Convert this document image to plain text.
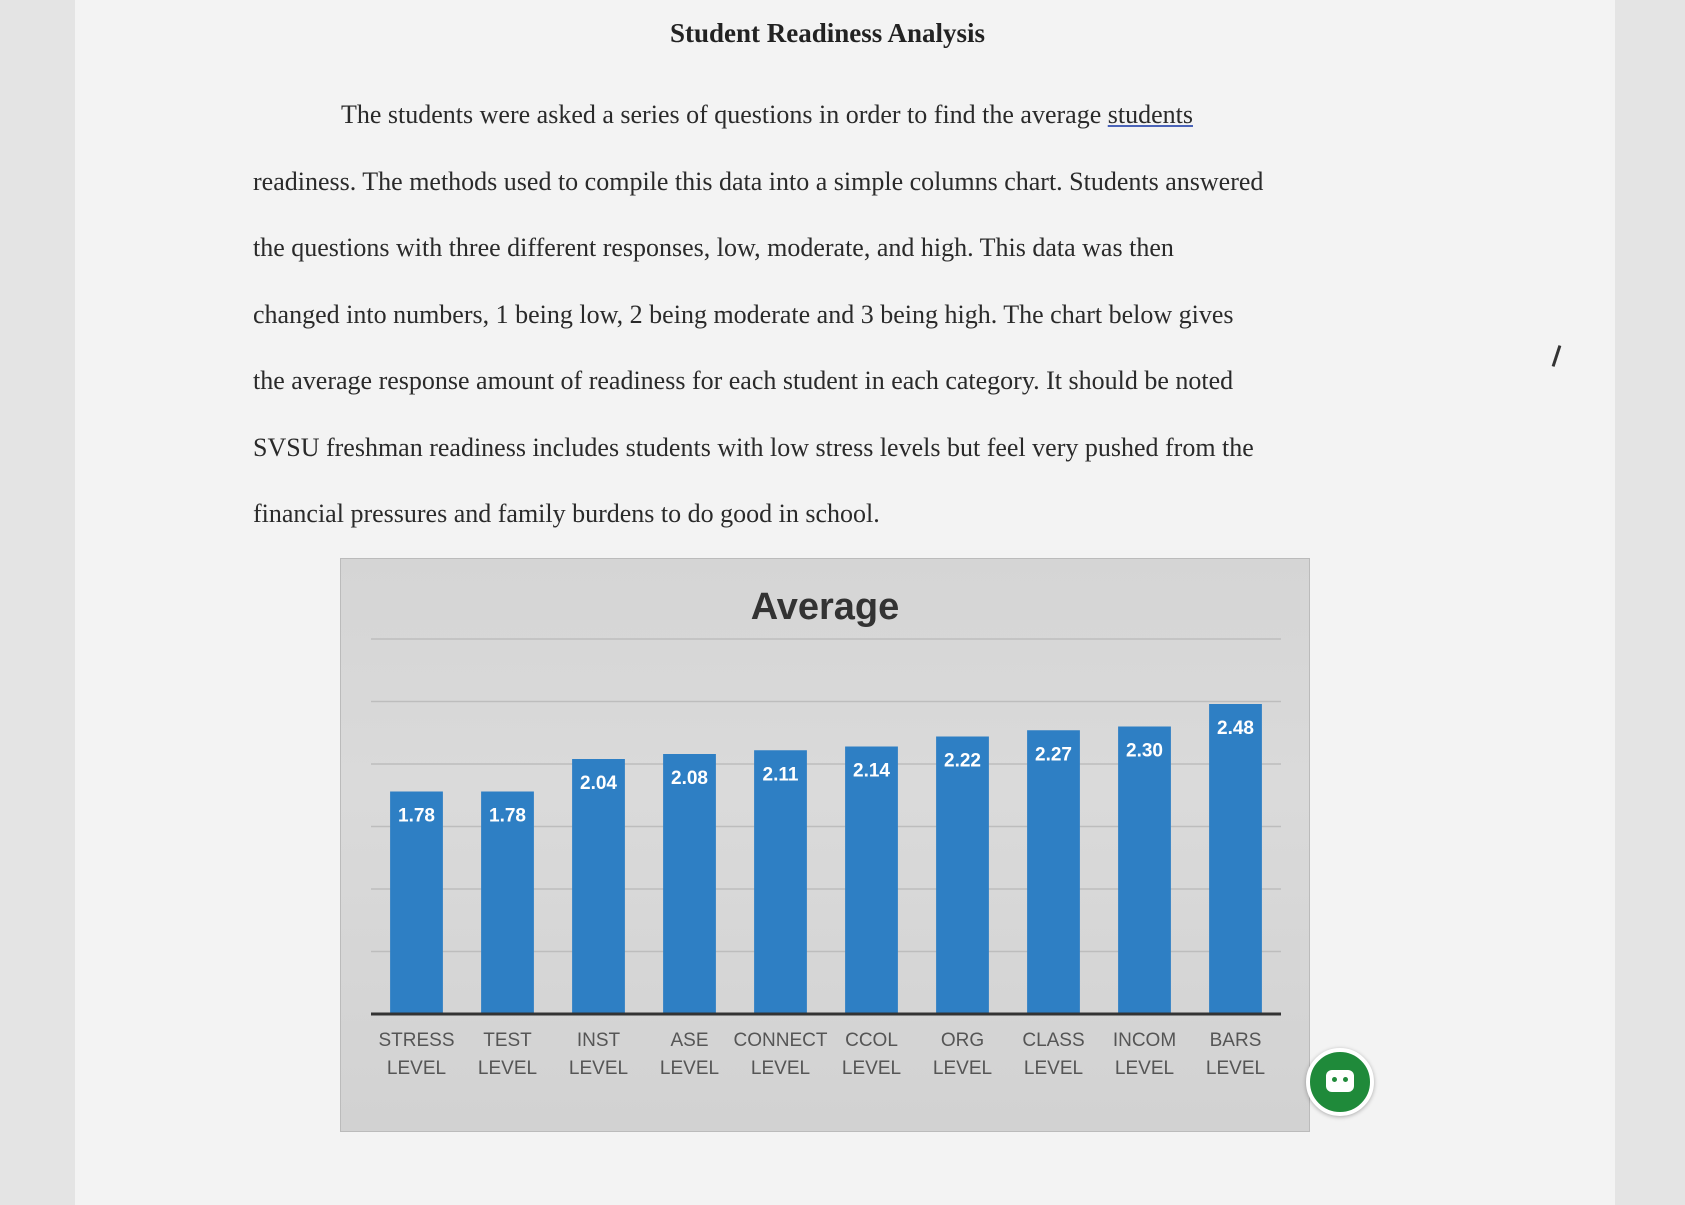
Student Readiness Analysis
The students were asked a series of questions in order to find the average students
readiness. The methods used to compile this data into a simple columns chart. Students answered
the questions with three different responses, low, moderate, and high. This data was then
changed into numbers, 1 being low, 2 being moderate and 3 being high. The chart below gives
the average response amount of readiness for each student in each category. It should be noted
SVSU freshman readiness includes students with low stress levels but feel very pushed from the
financial pressures and family burdens to do good in school.
Average
1.78
STRESS
LEVEL
1.78
TEST
LEVEL
2.04
INST
LEVEL
2.08
ASE
LEVEL
2.11
CONNECT
LEVEL
2.14
CCOL
LEVEL
2.22
ORG
LEVEL
2.27
CLASS
LEVEL
2.30
INCOM
LEVEL
2.48
BARS
LEVEL
